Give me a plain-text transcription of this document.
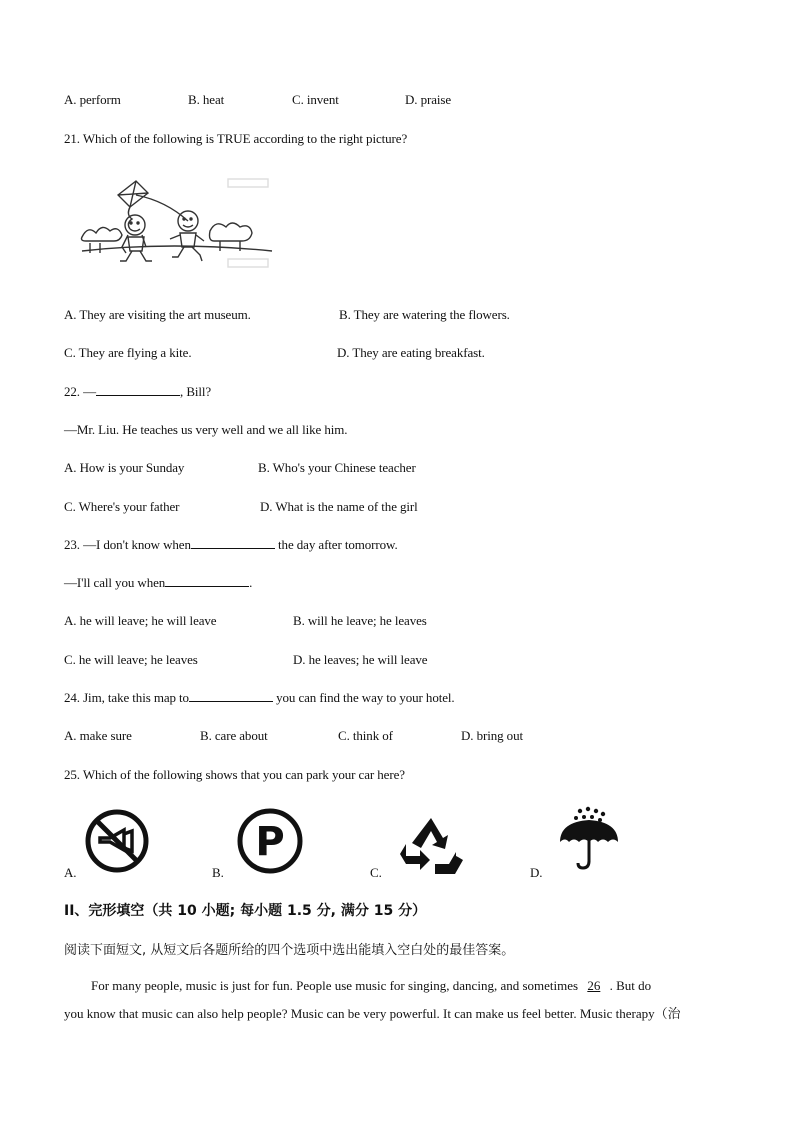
A. perform	B. heat	C. invent	D. praise
21. Which of the following is TRUE according to the right picture?
A. They are visiting the art museum.	B. They are watering the flowers.
C. They are flying a kite.	D. They are eating breakfast.
22. —	, Bill?
—Mr. Liu. He teaches us very well and we all like him.
A. How is your Sunday	B. Who's your Chinese teacher
C. Where's your father	D. What is the name of the girl
23. —I don't know when	the day after tomorrow.
—I'll call you when	.
A. he will leave; he will leave	B. will he leave; he leaves
C. he will leave; he leaves	D. he leaves; he will leave
24. Jim, take this map to	you can find the way to your hotel.
A. make sure	B. care about	C. think of	D. bring out
25. Which of the following shows that you can park your car here?
A.	B.
P
C.	D.
II、完形填空（共 10 小题; 每小题 1.5 分, 满分 15 分）
阅读下面短文, 从短文后各题所给的四个选项中选出能填入空白处的最佳答案。
For many people, music is just for fun. People use music for singing, dancing, and sometimes 26 . But do
you know that music can also help people? Music can be very powerful. It can make us feel better. Music therapy（治
